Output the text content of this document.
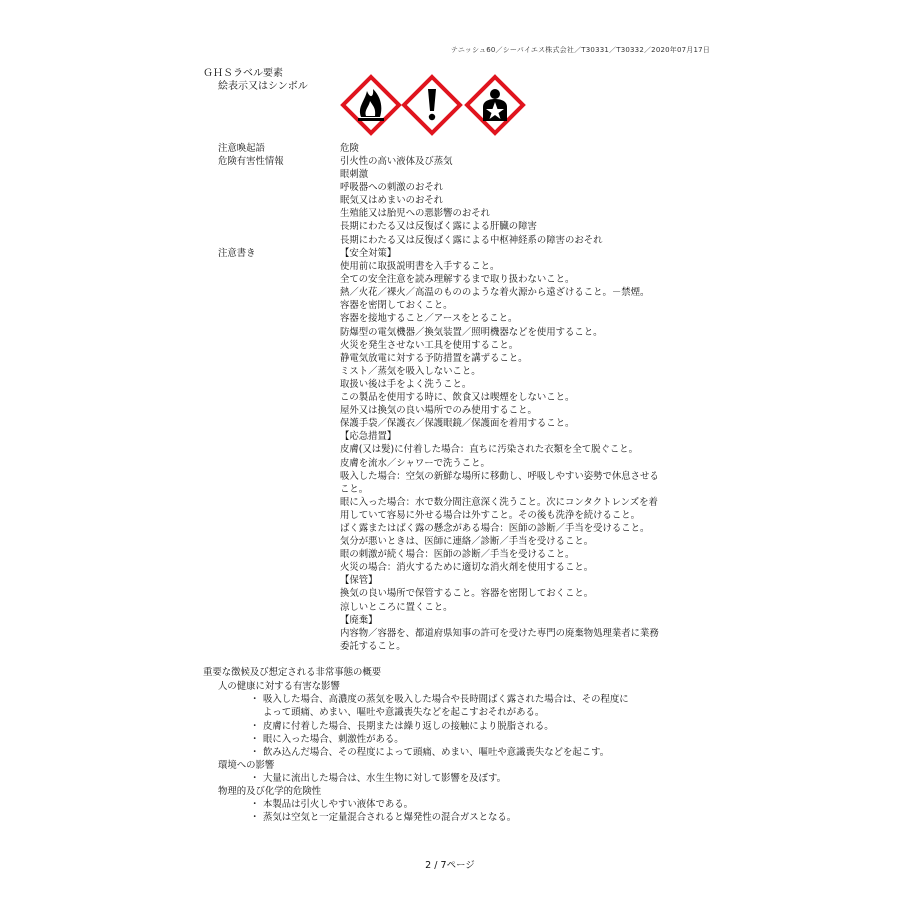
テニッシュ60／シーパイエス株式会社／T30331／T30332／2020年07月17日
ＧＨＳラベル要素
絵表示又はシンボル
注意喚起語	危険
危険有害性情報	引火性の高い液体及び蒸気
眼刺激
呼吸器への刺激のおそれ
眠気又はめまいのおそれ
生殖能又は胎児への悪影響のおそれ
長期にわたる又は反復ばく露による肝臓の障害
長期にわたる又は反復ばく露による中枢神経系の障害のおそれ
注意書き	【安全対策】
使用前に取扱説明書を入手すること。
全ての安全注意を読み理解するまで取り扱わないこと。
熱／火花／裸火／高温のもののような着火源から遠ざけること。－禁煙。
容器を密閉しておくこと。
容器を接地すること／アースをとること。
防爆型の電気機器／換気装置／照明機器などを使用すること。
火災を発生させない工具を使用すること。
静電気放電に対する予防措置を講ずること。
ミスト／蒸気を吸入しないこと。
取扱い後は手をよく洗うこと。
この製品を使用する時に、飲食又は喫煙をしないこと。
屋外又は換気の良い場所でのみ使用すること。
保護手袋／保護衣／保護眼鏡／保護面を着用すること。
【応急措置】
皮膚(又は髪)に付着した場合：直ちに汚染された衣類を全て脱ぐこと。
皮膚を流水／シャワーで洗うこと。
吸入した場合：空気の新鮮な場所に移動し、呼吸しやすい姿勢で休息させる
こと。
眼に入った場合：水で数分間注意深く洗うこと。次にコンタクトレンズを着
用していて容易に外せる場合は外すこと。その後も洗浄を続けること。
ばく露またはばく露の懸念がある場合：医師の診断／手当を受けること。
気分が悪いときは、医師に連絡／診断／手当を受けること。
眼の刺激が続く場合：医師の診断／手当を受けること。
火災の場合：消火するために適切な消火剤を使用すること。
【保管】
換気の良い場所で保管すること。容器を密閉しておくこと。
涼しいところに置くこと。
【廃棄】
内容物／容器を、都道府県知事の許可を受けた専門の廃棄物処理業者に業務
委託すること。
重要な徴候及び想定される非常事態の概要
人の健康に対する有害な影響
・ 吸入した場合、高濃度の蒸気を吸入した場合や長時間ばく露された場合は、その程度に
よって頭痛、めまい、嘔吐や意識喪失などを起こすおそれがある。
・ 皮膚に付着した場合、長期または繰り返しの接触により脱脂される。
・ 眼に入った場合、刺激性がある。
・ 飲み込んだ場合、その程度によって頭痛、めまい、嘔吐や意識喪失などを起こす。
環境への影響
・ 大量に流出した場合は、水生生物に対して影響を及ぼす。
物理的及び化学的危険性
・ 本製品は引火しやすい液体である。
・ 蒸気は空気と一定量混合されると爆発性の混合ガスとなる。
2 / 7ページ
